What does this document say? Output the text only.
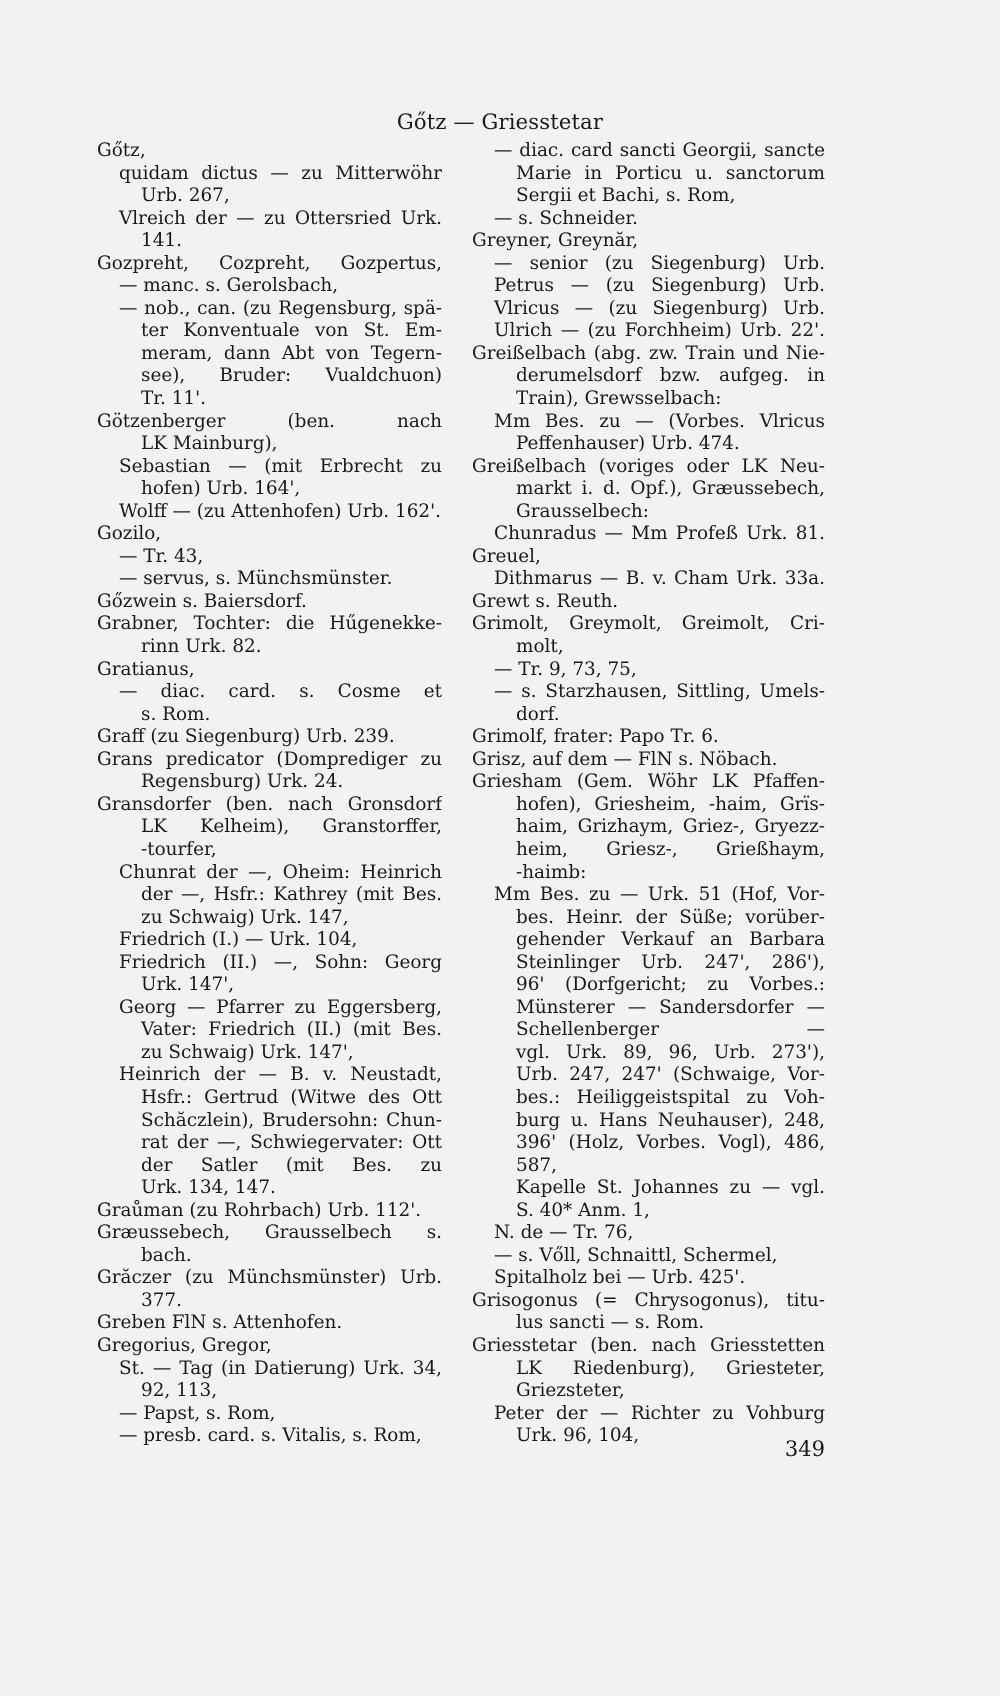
Gőtz — Griesstetar
Gőtz,
quidam dictus — zu Mitterwöhr
Urb. 267,
Vlreich der — zu Ottersried Urk.
141.
Gozpreht, Cozpreht, Gozpertus,
— manc. s. Gerolsbach,
— nob., can. (zu Regensburg, spä-
ter Konventuale von St. Em-
meram, dann Abt von Tegern-
see), Bruder: Vualdchuon)
Tr. 11'.
Götzenberger (ben. nach
LK Mainburg),
Sebastian — (mit Erbrecht zu
hofen) Urb. 164',
Wolff — (zu Attenhofen) Urb. 162'.
Gozilo,
— Tr. 43,
— servus, s. Münchsmünster.
Gőzwein s. Baiersdorf.
Grabner, Tochter: die Hűgenekke-
rinn Urk. 82.
Gratianus,
— diac. card. s. Cosme et
s. Rom.
Graff (zu Siegenburg) Urb. 239.
Grans predicator (Domprediger zu
Regensburg) Urk. 24.
Gransdorfer (ben. nach Gronsdorf
LK Kelheim), Granstorffer,
-tourfer,
Chunrat der —, Oheim: Heinrich
der —, Hsfr.: Kathrey (mit Bes.
zu Schwaig) Urk. 147,
Friedrich (I.) — Urk. 104,
Friedrich (II.) —, Sohn: Georg
Urk. 147',
Georg — Pfarrer zu Eggersberg,
Vater: Friedrich (II.) (mit Bes.
zu Schwaig) Urk. 147',
Heinrich der — B. v. Neustadt,
Hsfr.: Gertrud (Witwe des Ott
Schăczlein), Brudersohn: Chun-
rat der —, Schwiegervater: Ott
der Satler (mit Bes. zu
Urk. 134, 147.
Graůman (zu Rohrbach) Urb. 112'.
Græussebech, Grausselbech s.
bach.
Grăczer (zu Münchsmünster) Urb.
377.
Greben FlN s. Attenhofen.
Gregorius, Gregor,
St. — Tag (in Datierung) Urk. 34,
92, 113,
— Papst, s. Rom,
— presb. card. s. Vitalis, s. Rom,
— diac. card sancti Georgii, sancte
Marie in Porticu u. sanctorum
Sergii et Bachi, s. Rom,
— s. Schneider.
Greyner, Greynăr,
— senior (zu Siegenburg) Urb.
Petrus — (zu Siegenburg) Urb.
Vlricus — (zu Siegenburg) Urb.
Ulrich — (zu Forchheim) Urb. 22'.
Greißelbach (abg. zw. Train und Nie-
derumelsdorf bzw. aufgeg. in
Train), Grewsselbach:
Mm Bes. zu — (Vorbes. Vlricus
Peffenhauser) Urb. 474.
Greißelbach (voriges oder LK Neu-
markt i. d. Opf.), Græussebech,
Grausselbech:
Chunradus — Mm Profeß Urk. 81.
Greuel,
Dithmarus — B. v. Cham Urk. 33a.
Grewt s. Reuth.
Grimolt, Greymolt, Greimolt, Cri-
molt,
— Tr. 9, 73, 75,
— s. Starzhausen, Sittling, Umels-
dorf.
Grimolf, frater: Papo Tr. 6.
Grisz, auf dem — FlN s. Nöbach.
Griesham (Gem. Wöhr LK Pfaffen-
hofen), Griesheim, -haim, Grïs-
haim, Grizhaym, Griez-, Gryezz-
heim, Griesz-, Grießhaym,
-haimb:
Mm Bes. zu — Urk. 51 (Hof, Vor-
bes. Heinr. der Süße; vorüber-
gehender Verkauf an Barbara
Steinlinger Urb. 247', 286'),
96' (Dorfgericht; zu Vorbes.:
Münsterer — Sandersdorfer —
Schellenberger —
vgl. Urk. 89, 96, Urb. 273'),
Urb. 247, 247' (Schwaige, Vor-
bes.: Heiliggeistspital zu Voh-
burg u. Hans Neuhauser), 248,
396' (Holz, Vorbes. Vogl), 486,
587,
Kapelle St. Johannes zu — vgl.
S. 40* Anm. 1,
N. de — Tr. 76,
— s. Vőll, Schnaittl, Schermel,
Spitalholz bei — Urb. 425'.
Grisogonus (= Chrysogonus), titu-
lus sancti — s. Rom.
Griesstetar (ben. nach Griesstetten
LK Riedenburg), Griesteter,
Griezsteter,
Peter der — Richter zu Vohburg
Urk. 96, 104,
349
